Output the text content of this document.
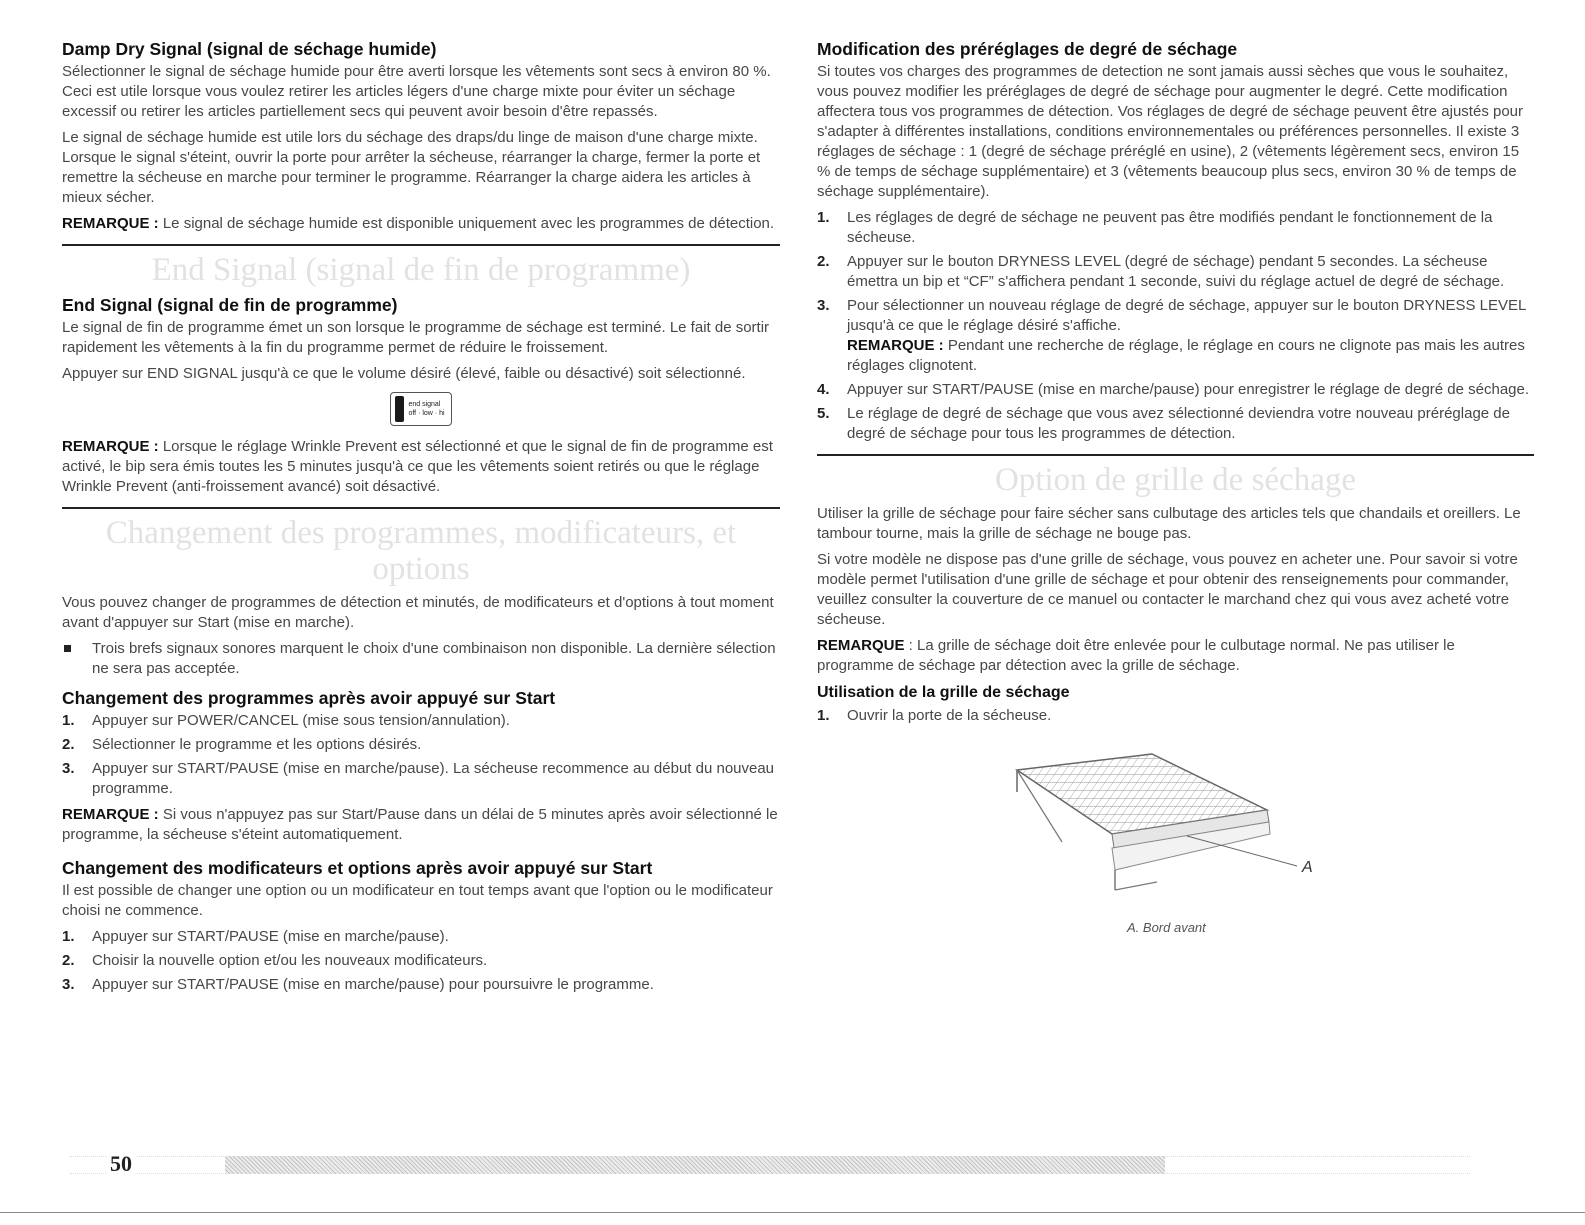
Damp Dry Signal (signal de séchage humide)

Sélectionner le signal de séchage humide pour être averti lorsque les vêtements sont secs à environ 80 %. Ceci est utile lorsque vous voulez retirer les articles légers d'une charge mixte pour éviter un séchage excessif ou retirer les articles partiellement secs qui peuvent avoir besoin d'être repassés.

Le signal de séchage humide est utile lors du séchage des draps/du linge de maison d'une charge mixte. Lorsque le signal s'éteint, ouvrir la porte pour arrêter la sécheuse, réarranger la charge, fermer la porte et remettre la sécheuse en marche pour terminer le programme. Réarranger la charge aidera les articles à mieux sécher.

REMARQUE : Le signal de séchage humide est disponible uniquement avec les programmes de détection.

End Signal (signal de fin de programme)
End Signal (signal de fin de programme)

Le signal de fin de programme émet un son lorsque le programme de séchage est terminé. Le fait de sortir rapidement les vêtements à la fin du programme permet de réduire le froissement.

Appuyer sur END SIGNAL jusqu'à ce que le volume désiré (élevé, faible ou désactivé) soit sélectionné.

end signal
off · low · hi

REMARQUE : Lorsque le réglage Wrinkle Prevent est sélectionné et que le signal de fin de programme est activé, le bip sera émis toutes les 5 minutes jusqu'à ce que les vêtements soient retirés ou que le réglage Wrinkle Prevent (anti-froissement avancé) soit désactivé.

Changement des programmes, modificateurs, et options

Vous pouvez changer de programmes de détection et minutés, de modificateurs et d'options à tout moment avant d'appuyer sur Start (mise en marche).

Trois brefs signaux sonores marquent le choix d'une combinaison non disponible. La dernière sélection ne sera pas acceptée.
Changement des programmes après avoir appuyé sur Start
1. Appuyer sur POWER/CANCEL (mise sous tension/annulation).
2. Sélectionner le programme et les options désirés.
3. Appuyer sur START/PAUSE (mise en marche/pause). La sécheuse recommence au début du nouveau programme.

REMARQUE : Si vous n'appuyez pas sur Start/Pause dans un délai de 5 minutes après avoir sélectionné le programme, la sécheuse s'éteint automatiquement.

Changement des modificateurs et options après avoir appuyé sur Start

Il est possible de changer une option ou un modificateur en tout temps avant que l'option ou le modificateur choisi ne commence.

1. Appuyer sur START/PAUSE (mise en marche/pause).
2. Choisir la nouvelle option et/ou les nouveaux modificateurs.
3. Appuyer sur START/PAUSE (mise en marche/pause) pour poursuivre le programme.
Modification des préréglages de degré de séchage

Si toutes vos charges des programmes de detection ne sont jamais aussi sèches que vous le souhaitez, vous pouvez modifier les préréglages de degré de séchage pour augmenter le degré. Cette modification affectera tous vos programmes de détection. Vos réglages de degré de séchage peuvent être ajustés pour s'adapter à différentes installations, conditions environnementales ou préférences personnelles. Il existe 3 réglages de séchage : 1 (degré de séchage préréglé en usine), 2 (vêtements légèrement secs, environ 15 % de temps de séchage supplémentaire) et 3 (vêtements beaucoup plus secs, environ 30 % de temps de séchage supplémentaire).

1. Les réglages de degré de séchage ne peuvent pas être modifiés pendant le fonctionnement de la sécheuse.
2. Appuyer sur le bouton DRYNESS LEVEL (degré de séchage) pendant 5 secondes. La sécheuse émettra un bip et “CF” s'affichera pendant 1 seconde, suivi du réglage actuel de degré de séchage.
3. Pour sélectionner un nouveau réglage de degré de séchage, appuyer sur le bouton DRYNESS LEVEL jusqu'à ce que le réglage désiré s'affiche.
REMARQUE : Pendant une recherche de réglage, le réglage en cours ne clignote pas mais les autres réglages clignotent.
4. Appuyer sur START/PAUSE (mise en marche/pause) pour enregistrer le réglage de degré de séchage.
5. Le réglage de degré de séchage que vous avez sélectionné deviendra votre nouveau préréglage de degré de séchage pour tous les programmes de détection.
Option de grille de séchage

Utiliser la grille de séchage pour faire sécher sans culbutage des articles tels que chandails et oreillers. Le tambour tourne, mais la grille de séchage ne bouge pas.

Si votre modèle ne dispose pas d'une grille de séchage, vous pouvez en acheter une. Pour savoir si votre modèle permet l'utilisation d'une grille de séchage et pour obtenir des renseignements pour commander, veuillez consulter la couverture de ce manuel ou contacter le marchand chez qui vous avez acheté votre sécheuse.

REMARQUE : La grille de séchage doit être enlevée pour le culbutage normal. Ne pas utiliser le programme de séchage par détection avec la grille de séchage.

Utilisation de la grille de séchage
1. Ouvrir la porte de la sécheuse.
A
A. Bord avant
50
